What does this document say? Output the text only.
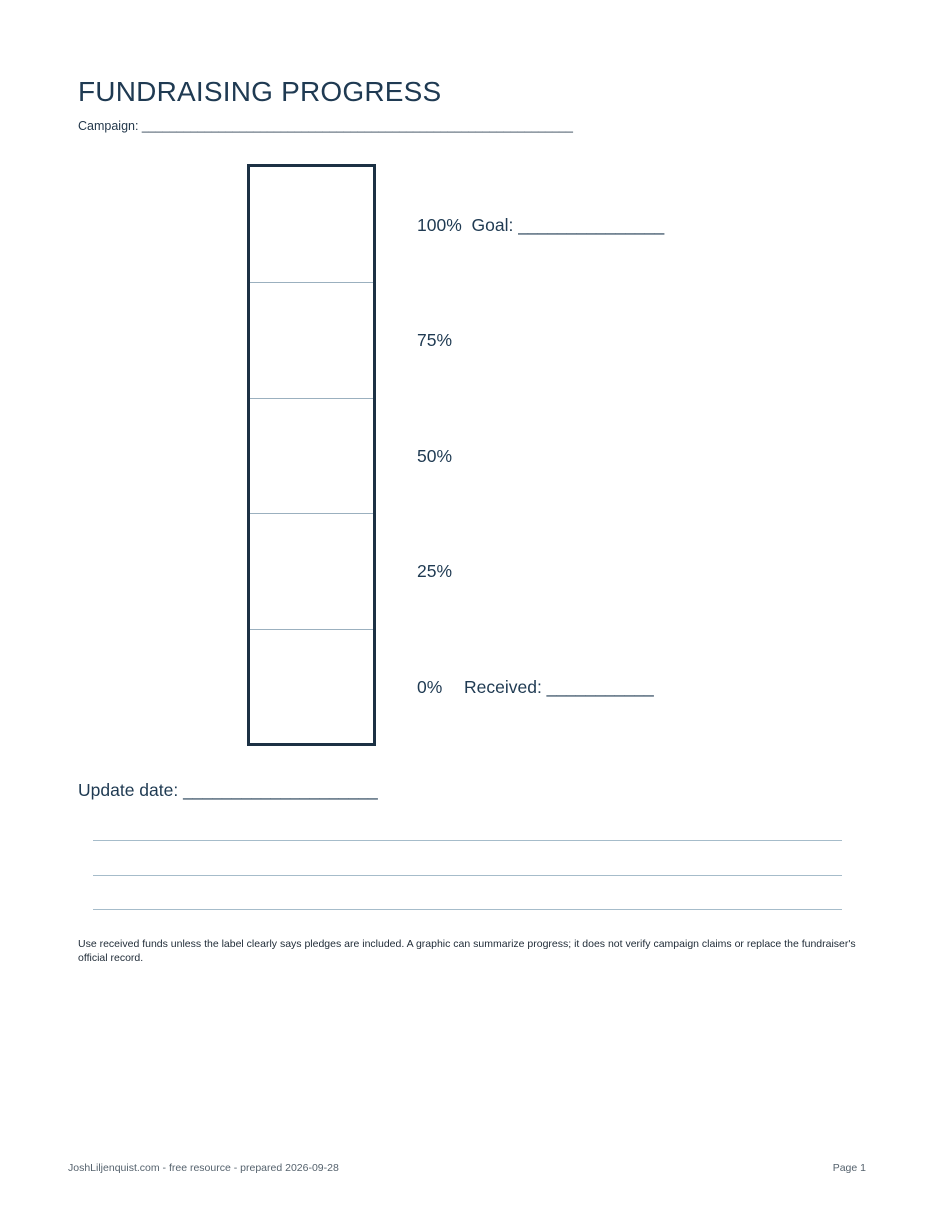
FUNDRAISING PROGRESS
Campaign: ______________________________________________________________
100% Goal: _______________
75%
50%
25%
0% Received: ___________
Update date: ____________________
Use received funds unless the label clearly says pledges are included. A graphic can summarize progress; it does not verify campaign claims or replace the fundraiser's official record.
JoshLiljenquist.com - free resource - prepared 2026-09-28	Page 1
